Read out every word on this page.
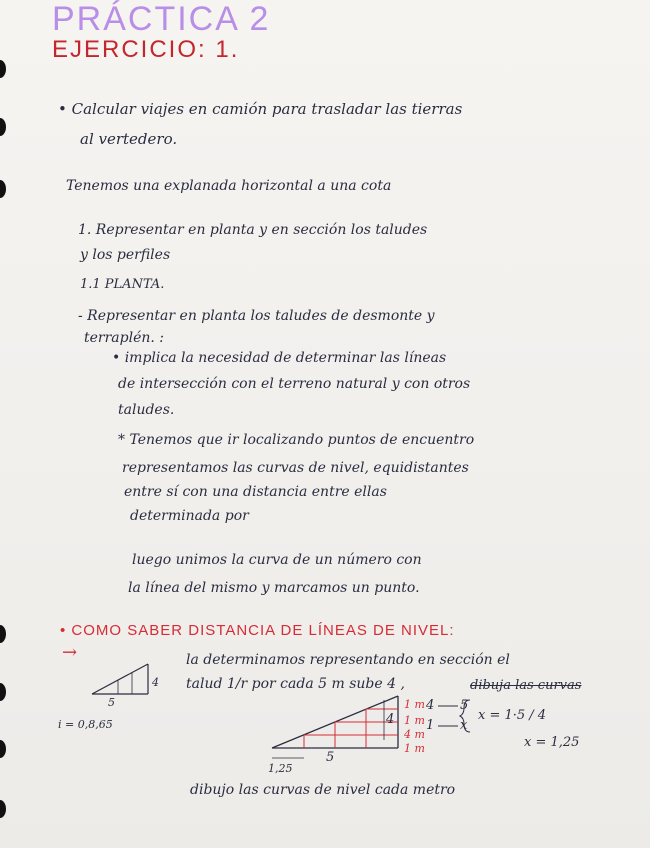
PRÁCTICA 2
EJERCICIO: 1.
• Calcular viajes en camión para trasladar las tierras
al vertedero.
Tenemos una explanada horizontal a una cota
1. Representar en planta y en sección los taludes
y los perfiles
1.1 PLANTA.
- Representar en planta los taludes de desmonte y
terraplén. :
• implica la necesidad de determinar las líneas
de intersección con el terreno natural y con otros
taludes.
* Tenemos que ir localizando puntos de encuentro
representamos las curvas de nivel, equidistantes
entre sí con una distancia entre ellas
determinada por
luego unimos la curva de un número con
la línea del mismo y marcamos un punto.
• COMO SABER DISTANCIA DE LÍNEAS DE NIVEL:
→	la determinamos representando en sección el
talud 1/r por cada 5 m sube 4 ,	dibuja las curvas
5
4
i = 0,8,65	4
5
1,25
1 m
1 m
4 m
1 m
4 5
1 x
x = 1·5 / 4
x = 1,25
dibujo las curvas de nivel cada metro
